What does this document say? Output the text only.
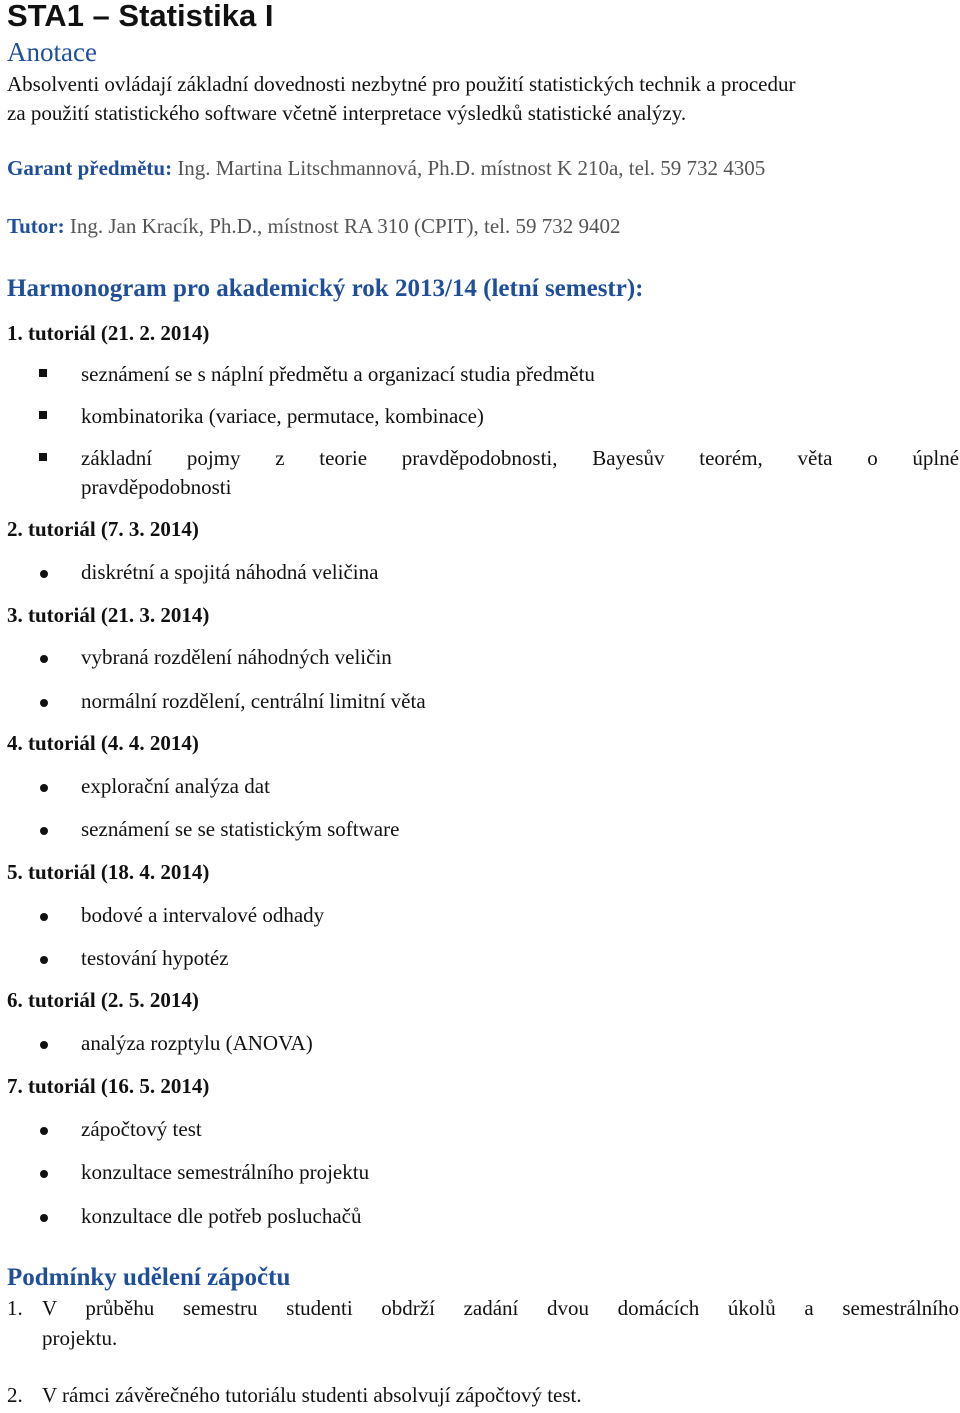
STA1 – Statistika I
Anotace
Absolventi ovládají základní dovednosti nezbytné pro použití statistických technik a procedur
za použití statistického software včetně interpretace výsledků statistické analýzy.
Garant předmětu: Ing. Martina Litschmannová, Ph.D. místnost K 210a, tel. 59 732 4305
Tutor: Ing. Jan Kracík, Ph.D., místnost RA 310 (CPIT), tel. 59 732 9402
Harmonogram pro akademický rok 2013/14 (letní semestr):
1. tutoriál (21. 2. 2014)
seznámení se s náplní předmětu a organizací studia předmětu
kombinatorika (variace, permutace, kombinace)
základní pojmy z teorie pravděpodobnosti, Bayesův teorém, věta o úplné
pravděpodobnosti
2. tutoriál (7. 3. 2014)
diskrétní a spojitá náhodná veličina
3. tutoriál (21. 3. 2014)
vybraná rozdělení náhodných veličin
normální rozdělení, centrální limitní věta
4. tutoriál (4. 4. 2014)
explorační analýza dat
seznámení se se statistickým software
5. tutoriál (18. 4. 2014)
bodové a intervalové odhady
testování hypotéz
6. tutoriál (2. 5. 2014)
analýza rozptylu (ANOVA)
7. tutoriál (16. 5. 2014)
zápočtový test
konzultace semestrálního projektu
konzultace dle potřeb posluchačů
Podmínky udělení zápočtu
1. V průběhu semestru studenti obdrží zadání dvou domácích úkolů a semestrálního
projektu.
2. V rámci závěrečného tutoriálu studenti absolvují zápočtový test.
